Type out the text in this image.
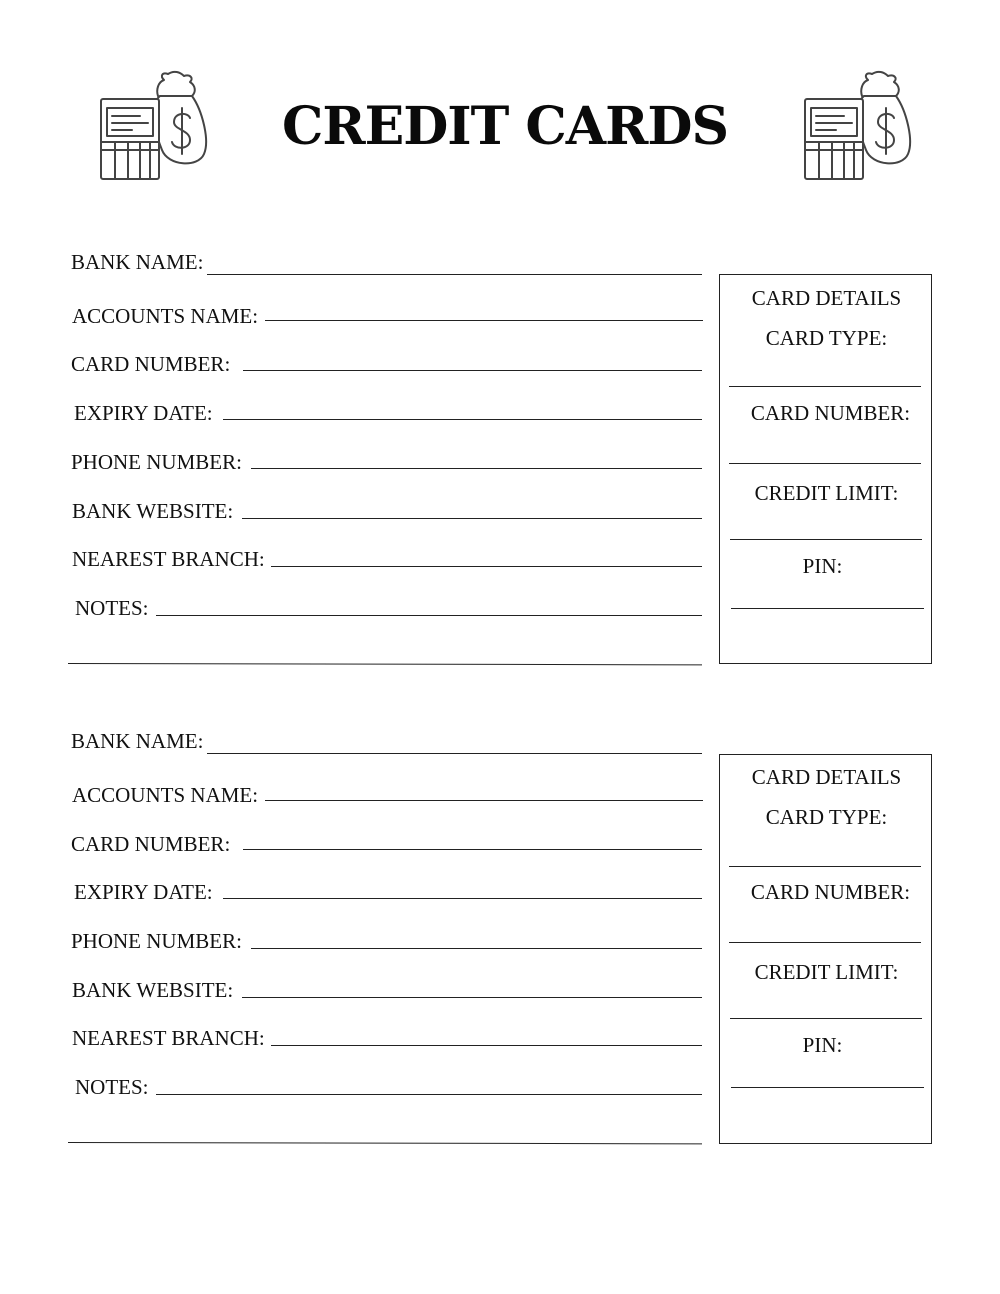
CREDIT CARDS
BANK NAME:
ACCOUNTS NAME:
CARD NUMBER:
EXPIRY DATE:
PHONE NUMBER:
BANK WEBSITE:
NEAREST BRANCH:
NOTES:
CARD DETAILS
CARD TYPE:
CARD NUMBER:
CREDIT LIMIT:
PIN:
BANK NAME:
ACCOUNTS NAME:
CARD NUMBER:
EXPIRY DATE:
PHONE NUMBER:
BANK WEBSITE:
NEAREST BRANCH:
NOTES:
CARD DETAILS
CARD TYPE:
CARD NUMBER:
CREDIT LIMIT:
PIN:
